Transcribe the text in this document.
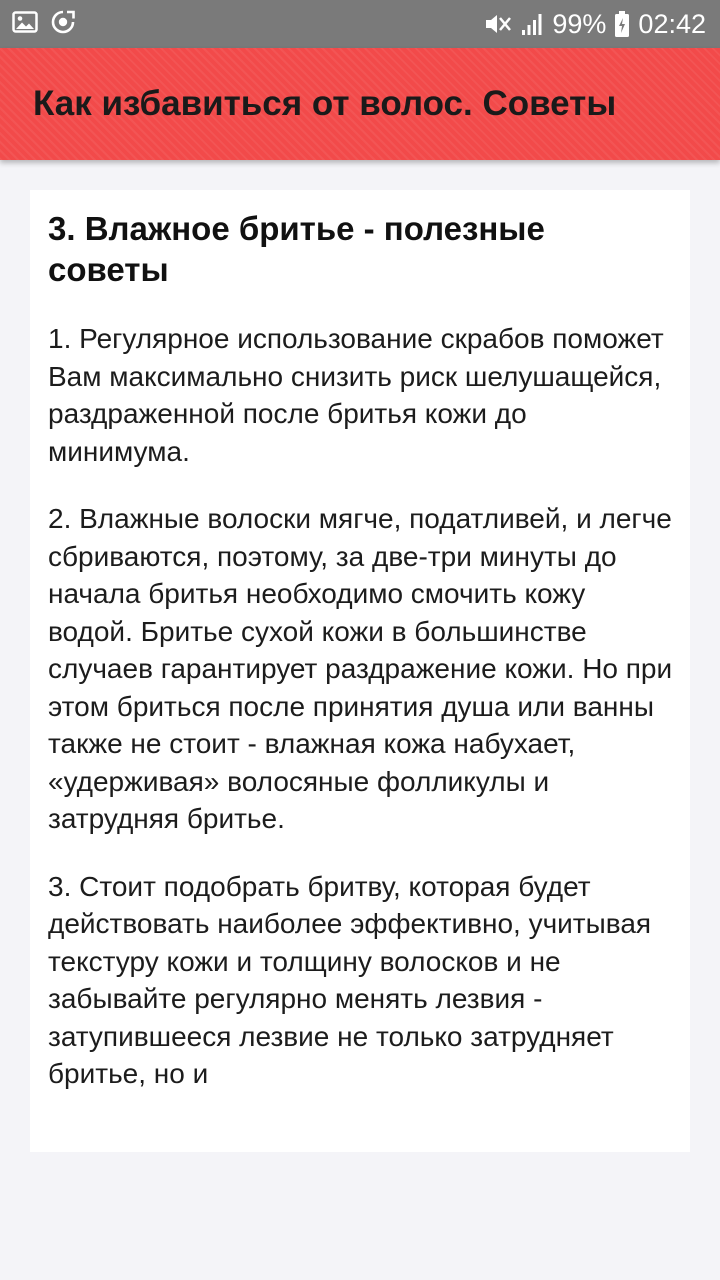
99% 02:42
Как избавиться от волос. Советы
3. Влажное бритье - полезные советы

1. Регулярное использование скрабов поможет Вам максимально снизить риск шелушащейся, раздраженной после бритья кожи до минимума.

2. Влажные волоски мягче, податливей, и легче сбриваются, поэтому, за две-три минуты до начала бритья необходимо смочить кожу водой. Бритье сухой кожи в большинстве случаев гарантирует раздражение кожи. Но при этом бриться после принятия душа или ванны также не стоит - влажная кожа набухает, «удерживая» волосяные фолликулы и затрудняя бритье.

3. Стоит подобрать бритву, которая будет действовать наиболее эффективно, учитывая текстуру кожи и толщину волосков и не забывайте регулярно менять лезвия - затупившееся лезвие не только затрудняет бритье, но и
